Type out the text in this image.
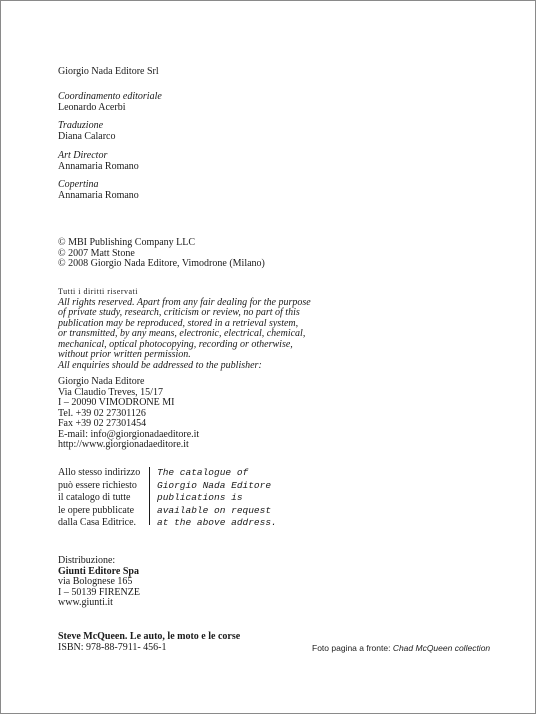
Giorgio Nada Editore Srl
Coordinamento editoriale
Leonardo Acerbi
Traduzione
Diana Calarco
Art Director
Annamaria Romano
Copertina
Annamaria Romano
© MBI Publishing Company LLC
© 2007 Matt Stone
© 2008 Giorgio Nada Editore, Vimodrone (Milano)
Tutti i diritti riservati
All rights reserved. Apart from any fair dealing for the purpose
of private study, research, criticism or review, no part of this
publication may be reproduced, stored in a retrieval system,
or transmitted, by any means, electronic, electrical, chemical,
mechanical, optical photocopying, recording or otherwise,
without prior written permission.
All enquiries should be addressed to the publisher:
Giorgio Nada Editore
Via Claudio Treves, 15/17
I – 20090 VIMODRONE MI
Tel. +39 02 27301126
Fax +39 02 27301454
E-mail: info@giorgionadaeditore.it
http://www.giorgionadaeditore.it
Allo stesso indirizzo
può essere richiesto
il catalogo di tutte
le opere pubblicate
dalla Casa Editrice.
The catalogue of
Giorgio Nada Editore
publications is
available on request
at the above address.
Distribuzione:
Giunti Editore Spa
via Bolognese 165
I – 50139 FIRENZE
www.giunti.it
Steve McQueen. Le auto, le moto e le corse
ISBN: 978-88-7911- 456-1	Foto pagina a fronte: Chad McQueen collection
